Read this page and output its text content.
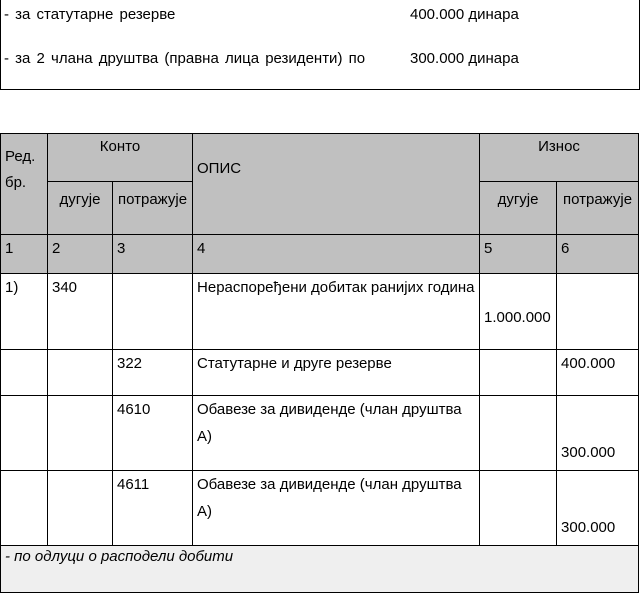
- за статутарне резерве	400.000 динара
- за 2 члана друштва (правна лица резиденти) по	300.000 динара
Ред. бр.	Конто		ОПИС	Износ	
	дугује	потражује		дугује	потражује
1	2	3	4	5	6
1)	340		Нераспоређени добитак ранијих година	1.000.000	
		322	Статутарне и друге резерве		400.000
		4610	Обавезе за дивиденде (члан друштва А)		300.000
		4611	Обавезе за дивиденде (члан друштва А)		300.000
- по одлуци о расподели добити					
